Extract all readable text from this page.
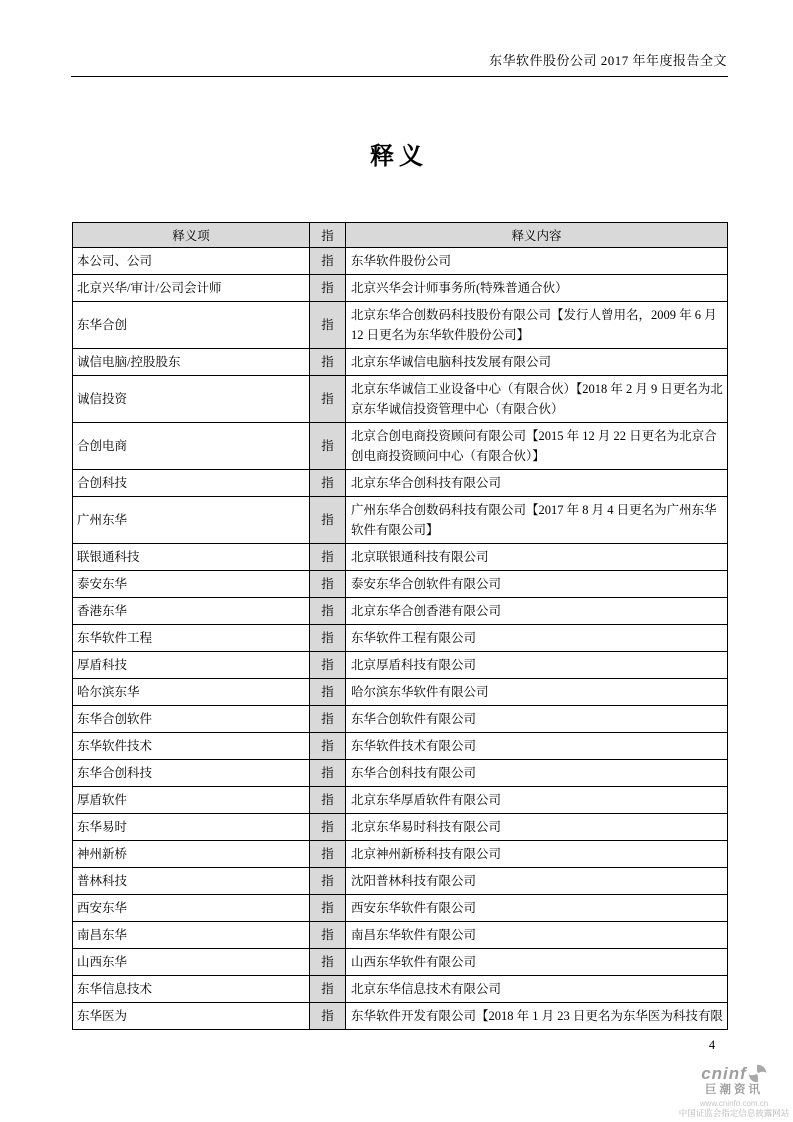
东华软件股份公司 2017 年年度报告全文
释义
释义项	指	释义内容
本公司、公司	指	东华软件股份公司
北京兴华/审计/公司会计师	指	北京兴华会计师事务所(特殊普通合伙）
东华合创	指	北京东华合创数码科技股份有限公司【发行人曾用名，2009 年 6 月 12 日更名为东华软件股份公司】
诚信电脑/控股股东	指	北京东华诚信电脑科技发展有限公司
诚信投资	指	北京东华诚信工业设备中心（有限合伙）【2018 年 2 月 9 日更名为北京东华诚信投资管理中心（有限合伙）
合创电商	指	北京合创电商投资顾问有限公司【2015 年 12 月 22 日更名为北京合创电商投资顾问中心（有限合伙）】
合创科技	指	北京东华合创科技有限公司
广州东华	指	广州东华合创数码科技有限公司【2017 年 8 月 4 日更名为广州东华软件有限公司】
联银通科技	指	北京联银通科技有限公司
泰安东华	指	泰安东华合创软件有限公司
香港东华	指	北京东华合创香港有限公司
东华软件工程	指	东华软件工程有限公司
厚盾科技	指	北京厚盾科技有限公司
哈尔滨东华	指	哈尔滨东华软件有限公司
东华合创软件	指	东华合创软件有限公司
东华软件技术	指	东华软件技术有限公司
东华合创科技	指	东华合创科技有限公司
厚盾软件	指	北京东华厚盾软件有限公司
东华易时	指	北京东华易时科技有限公司
神州新桥	指	北京神州新桥科技有限公司
普林科技	指	沈阳普林科技有限公司
西安东华	指	西安东华软件有限公司
南昌东华	指	南昌东华软件有限公司
山西东华	指	山西东华软件有限公司
东华信息技术	指	北京东华信息技术有限公司
东华医为	指	东华软件开发有限公司【2018 年 1 月 23 日更名为东华医为科技有限
4
cninf
巨潮资讯
www.cninfo.com.cn
中国证监会指定信息披露网站
